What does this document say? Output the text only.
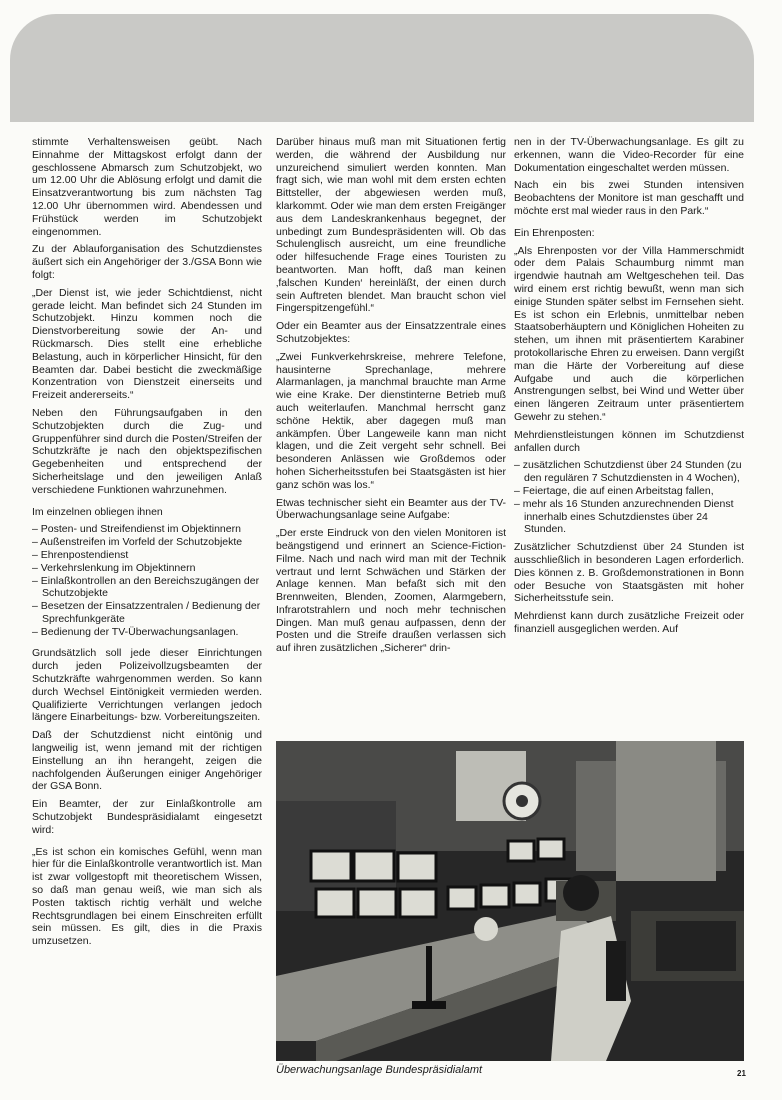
stimmte Verhaltensweisen geübt. Nach Einnahme der Mittagskost erfolgt dann der geschlossene Abmarsch zum Schutzobjekt, wo um 12.00 Uhr die Ablösung erfolgt und damit die Einsatzverantwortung bis zum nächsten Tag 12.00 Uhr übernommen wird. Abendessen und Frühstück werden im Schutzobjekt eingenommen.

Zu der Ablauforganisation des Schutzdienstes äußert sich ein Angehöriger der 3./GSA Bonn wie folgt:

„Der Dienst ist, wie jeder Schichtdienst, nicht gerade leicht. Man befindet sich 24 Stunden im Schutzobjekt. Hinzu kommen noch die Dienstvorbereitung sowie der An- und Rückmarsch. Dies stellt eine erhebliche Belastung, auch in körperlicher Hinsicht, für den Beamten dar. Dabei besticht die zweckmäßige Konzentration von Dienstzeit einerseits und Freizeit andererseits.“

Neben den Führungsaufgaben in den Schutzobjekten durch die Zug- und Gruppenführer sind durch die Posten/Streifen der Schutzkräfte je nach den objektspezifischen Gegebenheiten und entsprechend der Sicherheitslage und den jeweiligen Anlaß verschiedene Funktionen wahrzunehmen.

Im einzelnen obliegen ihnen

– Posten- und Streifendienst im Objektinnern
– Außenstreifen im Vorfeld der Schutzobjekte
– Ehrenpostendienst
– Verkehrslenkung im Objektinnern
– Einlaßkontrollen an den Bereichszugängen der Schutzobjekte
– Besetzen der Einsatzzentralen / Bedienung der Sprechfunkgeräte
– Bedienung der TV-Überwachungsanlagen.

Grundsätzlich soll jede dieser Einrichtungen durch jeden Polizeivollzugsbeamten der Schutzkräfte wahrgenommen werden. So kann durch Wechsel Eintönigkeit vermieden werden. Qualifizierte Verrichtungen verlangen jedoch längere Einarbeitungs- bzw. Vorbereitungszeiten.

Daß der Schutzdienst nicht eintönig und langweilig ist, wenn jemand mit der richtigen Einstellung an ihn herangeht, zeigen die nachfolgenden Äußerungen einiger Angehöriger der GSA Bonn.

Ein Beamter, der zur Einlaßkontrolle am Schutzobjekt Bundespräsidialamt eingesetzt wird:

„Es ist schon ein komisches Gefühl, wenn man hier für die Einlaßkontrolle verantwortlich ist. Man ist zwar vollgestopft mit theoretischem Wissen, so daß man genau weiß, wie man sich als Posten taktisch richtig verhält und welche Rechtsgrundlagen bei einem Einschreiten erfüllt sein müssen. Es gilt, dies in die Praxis umzusetzen.

Darüber hinaus muß man mit Situationen fertig werden, die während der Ausbildung nur unzureichend simuliert werden konnten. Man fragt sich, wie man wohl mit dem ersten echten Bittsteller, der abgewiesen werden muß, klarkommt. Oder wie man dem ersten Freigänger aus dem Landeskrankenhaus begegnet, der unbedingt zum Bundespräsidenten will. Ob das Schulenglisch ausreicht, um eine freundliche oder hilfesuchende Frage eines Touristen zu beantworten. Man hofft, daß man keinen ‚falschen Kunden‘ hereinläßt, der einen durch sein Auftreten blendet. Man braucht schon viel Fingerspitzengefühl.“

Oder ein Beamter aus der Einsatzzentrale eines Schutzobjektes:

„Zwei Funkverkehrskreise, mehrere Telefone, hausinterne Sprechanlage, mehrere Alarmanlagen, ja manchmal brauchte man Arme wie eine Krake. Der dienstinterne Betrieb muß auch weiterlaufen. Manchmal herrscht ganz schöne Hektik, aber dagegen muß man ankämpfen. Über Langeweile kann man nicht klagen, und die Zeit vergeht sehr schnell. Bei besonderen Anlässen wie Großdemos oder hohen Sicherheitsstufen bei Staatsgästen ist hier ganz schön was los.“

Etwas technischer sieht ein Beamter aus der TV-Überwachungsanlage seine Aufgabe:

„Der erste Eindruck von den vielen Monitoren ist beängstigend und erinnert an Science-Fiction-Filme. Nach und nach wird man mit der Technik vertraut und lernt Schwächen und Stärken der Anlage kennen. Man befaßt sich mit den Brennweiten, Blenden, Zoomen, Alarmgebern, Infrarotstrahlern und noch mehr technischen Dingen. Man muß genau aufpassen, denn der Posten und die Streife draußen verlassen sich auf ihren zusätzlichen „Sicherer“ drin-

nen in der TV-Überwachungsanlage. Es gilt zu erkennen, wann die Video-Recorder für eine Dokumentation eingeschaltet werden müssen.

Nach ein bis zwei Stunden intensiven Beobachtens der Monitore ist man geschafft und möchte erst mal wieder raus in den Park.“

Ein Ehrenposten:

„Als Ehrenposten vor der Villa Hammerschmidt oder dem Palais Schaumburg nimmt man irgendwie hautnah am Weltgeschehen teil. Das wird einem erst richtig bewußt, wenn man sich einige Stunden später selbst im Fernsehen sieht. Es ist schon ein Erlebnis, unmittelbar neben Staatsoberhäuptern und Königlichen Hoheiten zu stehen, um ihnen mit präsentiertem Karabiner protokollarische Ehren zu erweisen. Dann vergißt man die Härte der Vorbereitung auf diese Aufgabe und auch die körperlichen Anstrengungen selbst, bei Wind und Wetter über einen längeren Zeitraum unter präsentiertem Gewehr zu stehen.“

Mehrdienstleistungen können im Schutzdienst anfallen durch

– zusätzlichen Schutzdienst über 24 Stunden (zu den regulären 7 Schutzdiensten in 4 Wochen),
– Feiertage, die auf einen Arbeitstag fallen,
– mehr als 16 Stunden anzurechnenden Dienst innerhalb eines Schutzdienstes über 24 Stunden.

Zusätzlicher Schutzdienst über 24 Stunden ist ausschließlich in besonderen Lagen erforderlich. Dies können z. B. Großdemonstrationen in Bonn oder Besuche von Staatsgästen mit hoher Sicherheitsstufe sein.

Mehrdienst kann durch zusätzliche Freizeit oder finanziell ausgeglichen werden. Auf

Überwachungsanlage Bundespräsidialamt	21
